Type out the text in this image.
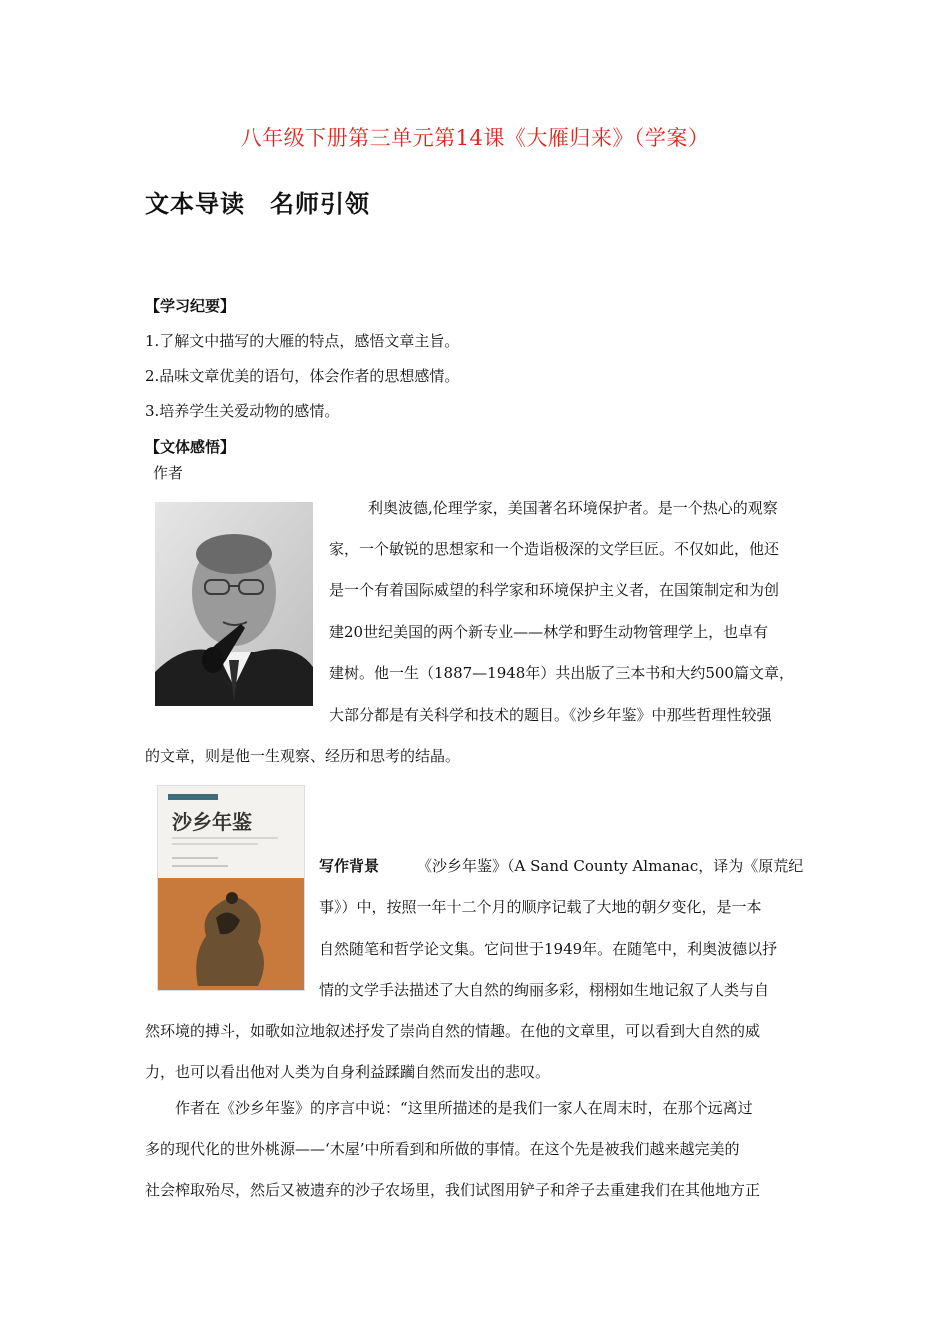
八年级下册第三单元第14课《大雁归来》（学案）
文本导读　名师引领
【学习纪要】
1.了解文中描写的大雁的特点，感悟文章主旨。
2.品味文章优美的语句，体会作者的思想感情。
3.培养学生关爱动物的感情。
【文体感悟】
作者
利奥波德,伦理学家，美国著名环境保护者。是一个热心的观察
家，一个敏锐的思想家和一个造诣极深的文学巨匠。不仅如此，他还
是一个有着国际威望的科学家和环境保护主义者，在国策制定和为创
建20世纪美国的两个新专业——林学和野生动物管理学上，也卓有
建树。他一生（1887—1948年）共出版了三本书和大约500篇文章，
大部分都是有关科学和技术的题目。《沙乡年鉴》中那些哲理性较强
的文章，则是他一生观察、经历和思考的结晶。
沙乡年鉴
写作背景	《沙乡年鉴》（A Sand County Almanac，译为《原荒纪
事》）中，按照一年十二个月的顺序记载了大地的朝夕变化，是一本
自然随笔和哲学论文集。它问世于1949年。在随笔中，利奥波德以抒
情的文学手法描述了大自然的绚丽多彩，栩栩如生地记叙了人类与自
然环境的搏斗，如歌如泣地叙述抒发了崇尚自然的情趣。在他的文章里，可以看到大自然的威
力，也可以看出他对人类为自身利益蹂躏自然而发出的悲叹。
作者在《沙乡年鉴》的序言中说：“这里所描述的是我们一家人在周末时，在那个远离过
多的现代化的世外桃源——‘木屋’中所看到和所做的事情。在这个先是被我们越来越完美的
社会榨取殆尽，然后又被遗弃的沙子农场里，我们试图用铲子和斧子去重建我们在其他地方正
